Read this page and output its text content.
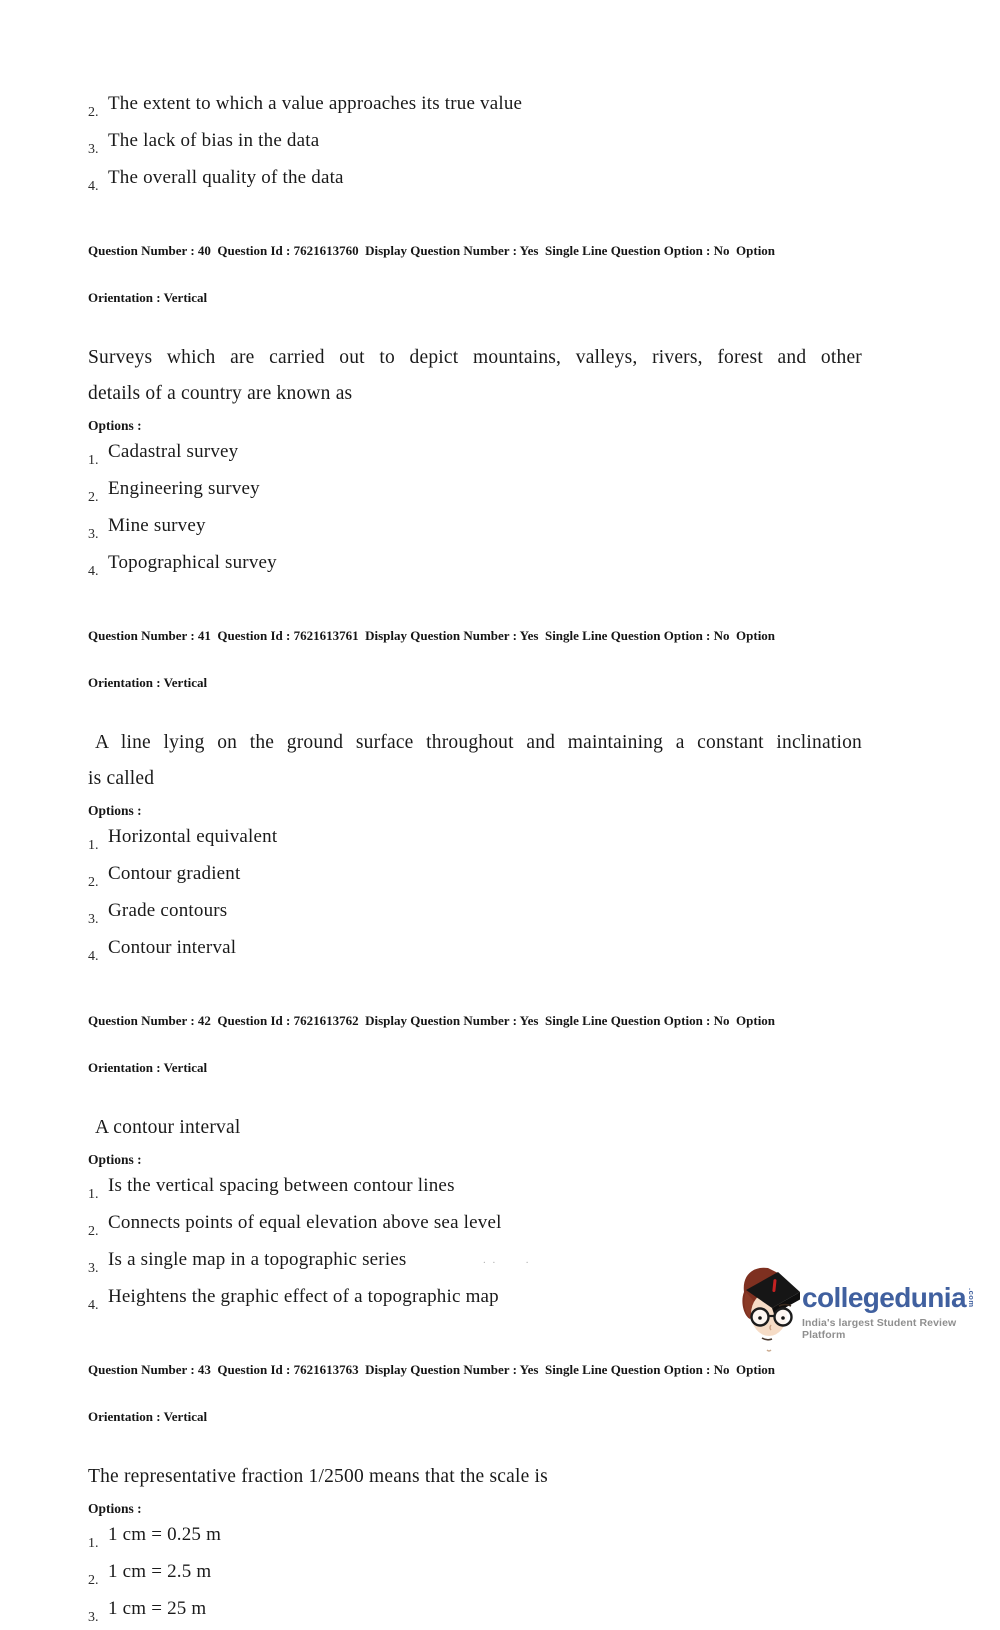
2. The extent to which a value approaches its true value
3. The lack of bias in the data
4. The overall quality of the data

Question Number : 40  Question Id : 7621613760  Display Question Number : Yes  Single Line Question Option : No  Option

Orientation : Vertical

Surveys which are carried out to depict mountains, valleys, rivers, forest and other
details of a country are known as
Options :
1. Cadastral survey
2. Engineering survey
3. Mine survey
4. Topographical survey

Question Number : 41  Question Id : 7621613761  Display Question Number : Yes  Single Line Question Option : No  Option

Orientation : Vertical

A line lying on the ground surface throughout and maintaining a constant inclination
is called
Options :
1. Horizontal equivalent
2. Contour gradient
3. Grade contours
4. Contour interval

Question Number : 42  Question Id : 7621613762  Display Question Number : Yes  Single Line Question Option : No  Option

Orientation : Vertical

A contour interval
Options :
1. Is the vertical spacing between contour lines
2. Connects points of equal elevation above sea level
3. Is a single map in a topographic series
4. Heightens the graphic effect of a topographic map

Question Number : 43  Question Id : 7621613763  Display Question Number : Yes  Single Line Question Option : No  Option

Orientation : Vertical

The representative fraction 1/2500 means that the scale is
Options :
1. 1 cm = 0.25 m
2. 1 cm = 2.5 m
3. 1 cm = 25 m
. .      .
collegedunia .com
India's largest Student Review Platform
